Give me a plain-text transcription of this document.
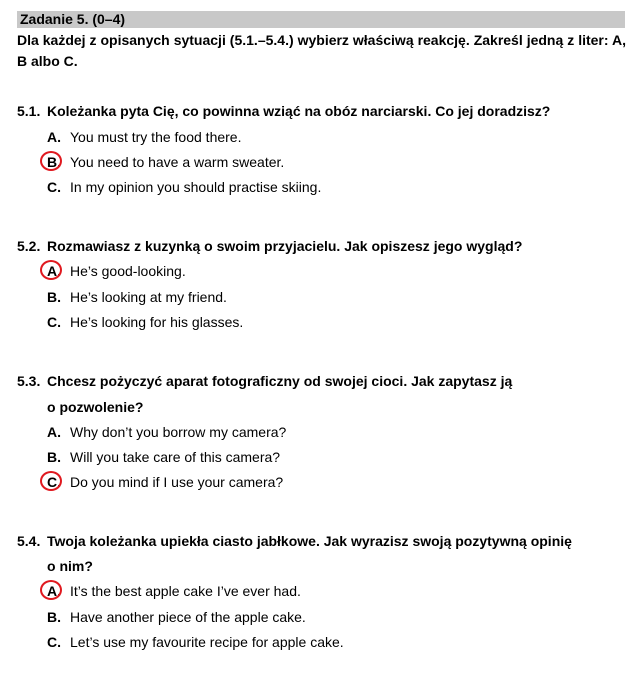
Zadanie 5. (0–4)
Dla każdej z opisanych sytuacji (5.1.–5.4.) wybierz właściwą reakcję. Zakreśl jedną z liter: A, B albo C.
5.1. Koleżanka pyta Cię, co powinna wziąć na obóz narciarski. Co jej doradzisz?
A. You must try the food there.
B. You need to have a warm sweater.
C. In my opinion you should practise skiing.
5.2. Rozmawiasz z kuzynką o swoim przyjacielu. Jak opiszesz jego wygląd?
A. He’s good-looking.
B. He’s looking at my friend.
C. He’s looking for his glasses.
5.3. Chcesz pożyczyć aparat fotograficzny od swojej cioci. Jak zapytasz ją
o pozwolenie?
A. Why don’t you borrow my camera?
B. Will you take care of this camera?
C. Do you mind if I use your camera?
5.4. Twoja koleżanka upiekła ciasto jabłkowe. Jak wyrazisz swoją pozytywną opinię
o nim?
A. It’s the best apple cake I’ve ever had.
B. Have another piece of the apple cake.
C. Let’s use my favourite recipe for apple cake.
